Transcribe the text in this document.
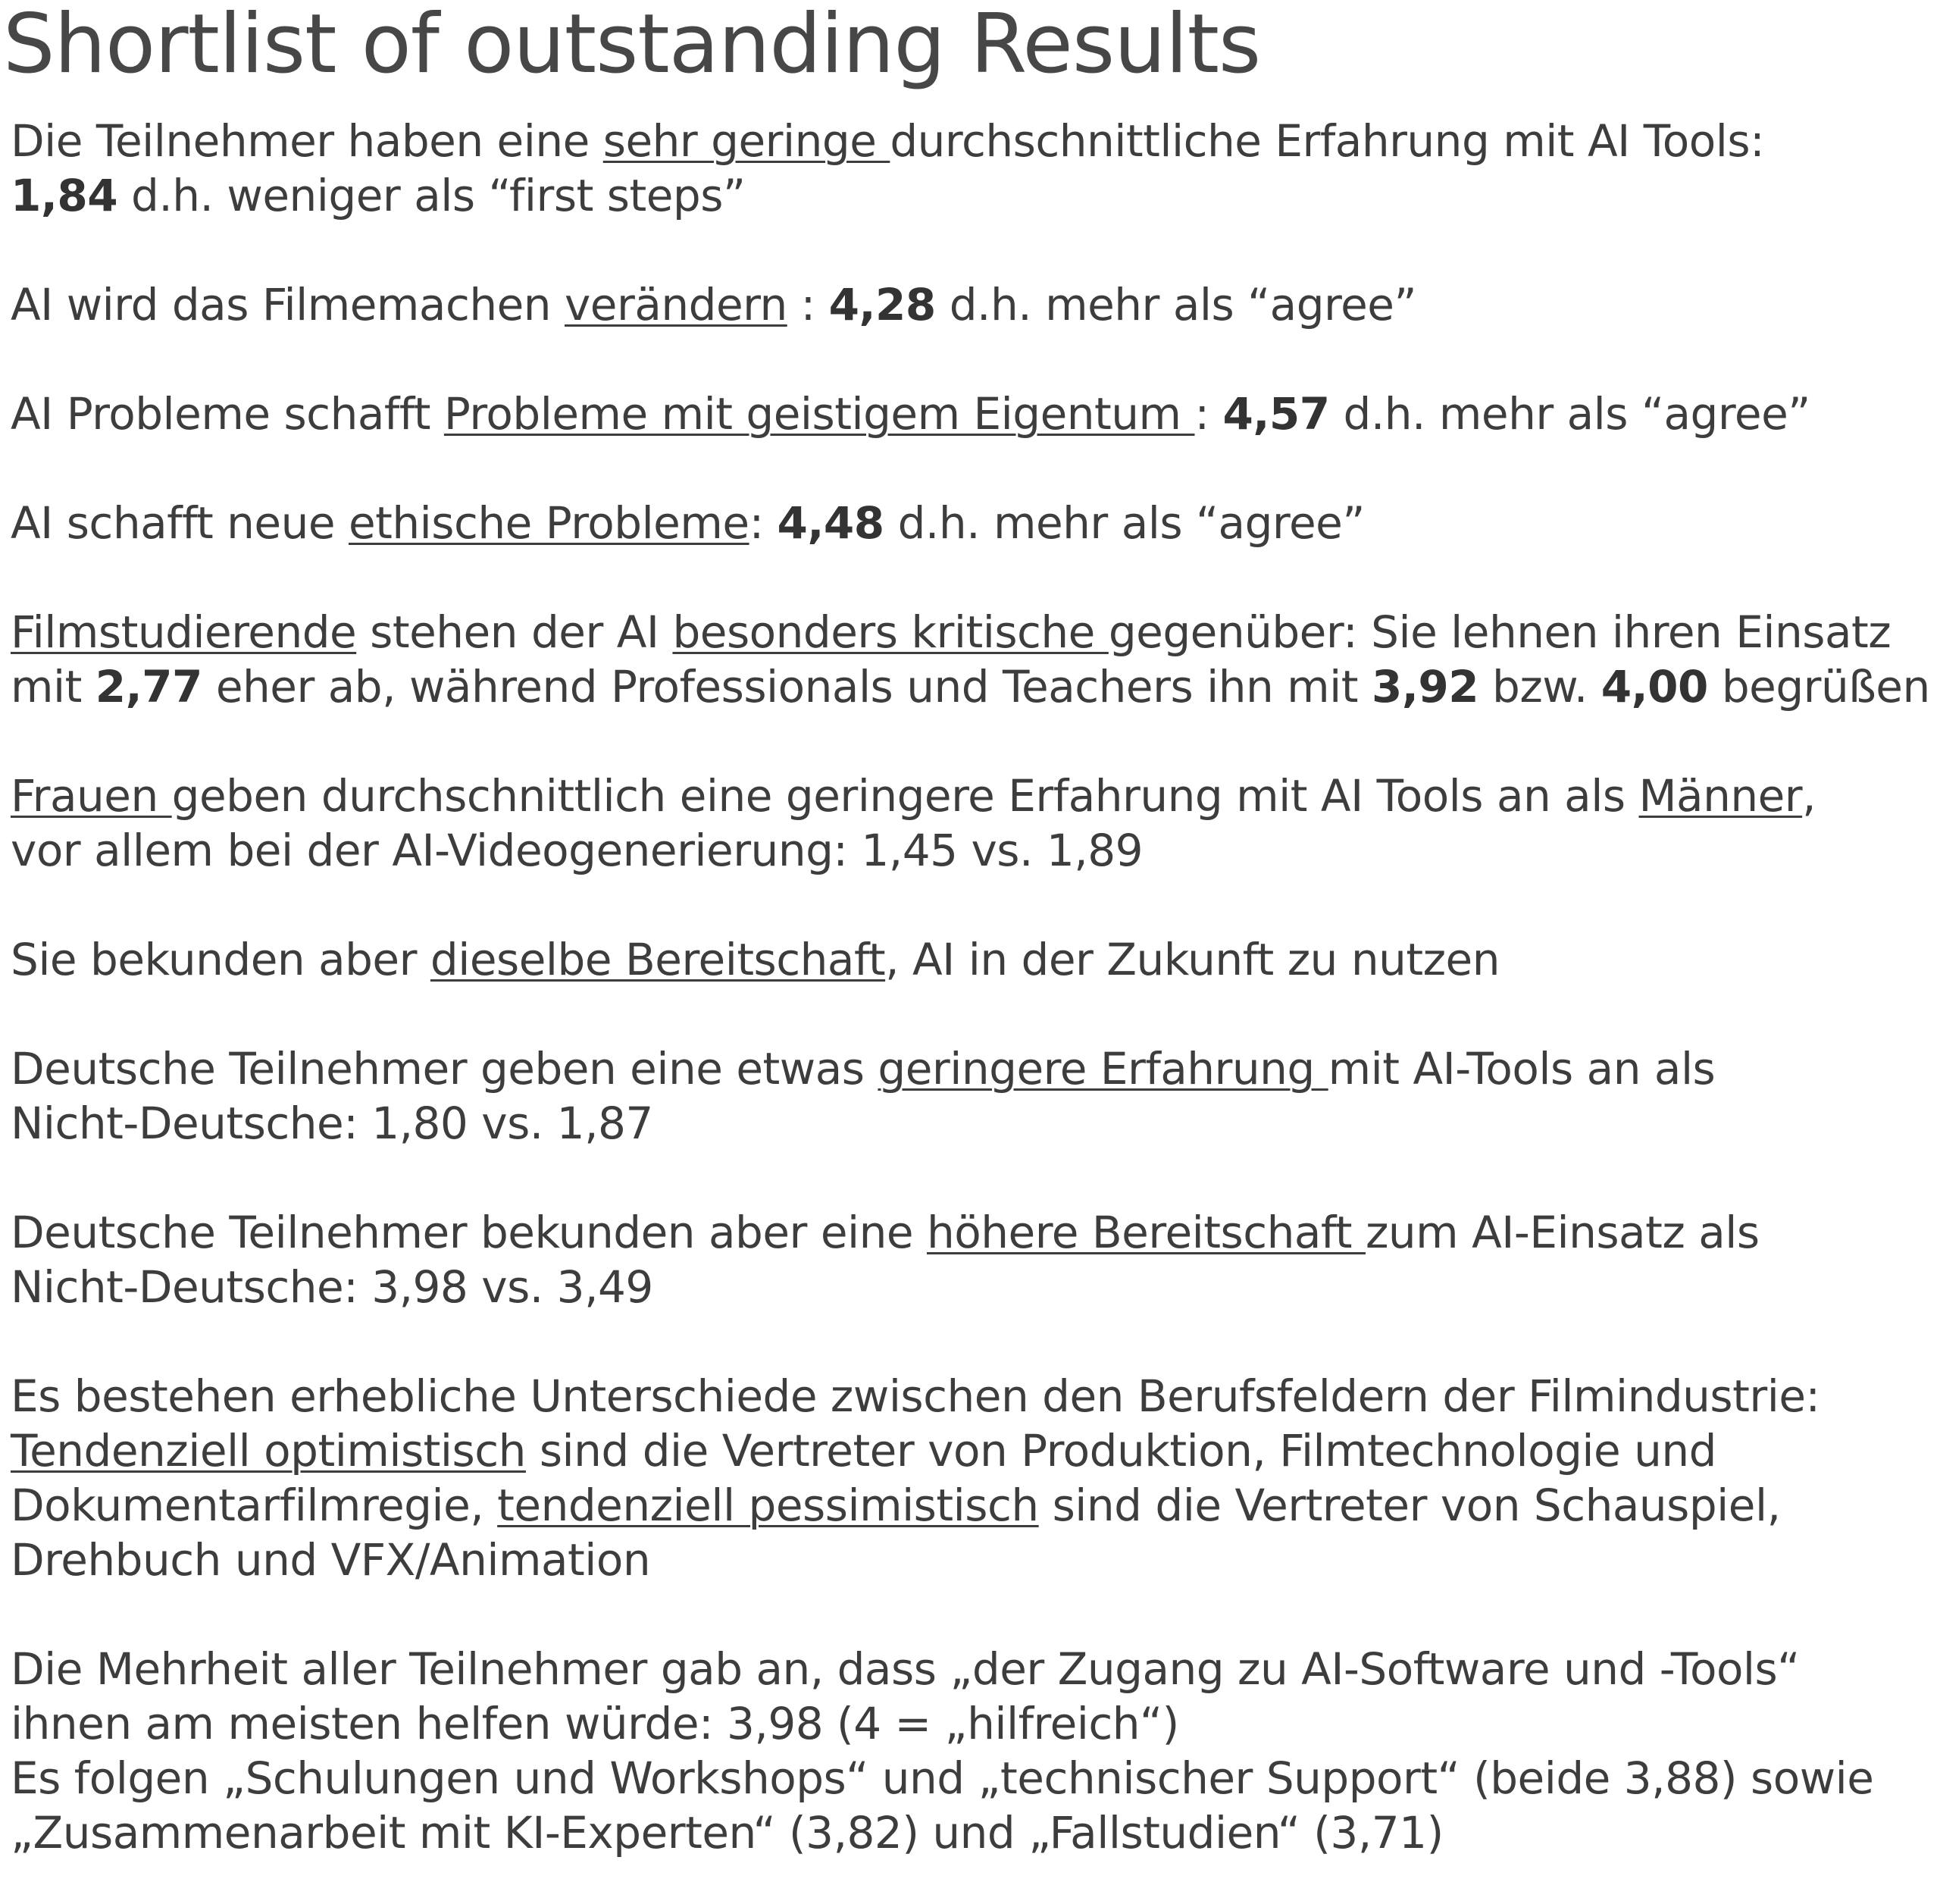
Shortlist of outstanding Results

Die Teilnehmer haben eine sehr geringe durchschnittliche Erfahrung mit AI Tools:
1,84 d.h. weniger als “first steps”

AI wird das Filmemachen verändern : 4,28 d.h. mehr als “agree”

AI Probleme schafft Probleme mit geistigem Eigentum : 4,57 d.h. mehr als “agree”

AI schafft neue ethische Probleme: 4,48 d.h. mehr als “agree”

Filmstudierende stehen der AI besonders kritische gegenüber: Sie lehnen ihren Einsatz
mit 2,77 eher ab, während Professionals und Teachers ihn mit 3,92 bzw. 4,00 begrüßen

Frauen geben durchschnittlich eine geringere Erfahrung mit AI Tools an als Männer,
vor allem bei der AI-Videogenerierung: 1,45 vs. 1,89

Sie bekunden aber dieselbe Bereitschaft, AI in der Zukunft zu nutzen

Deutsche Teilnehmer geben eine etwas geringere Erfahrung mit AI-Tools an als
Nicht-Deutsche: 1,80 vs. 1,87

Deutsche Teilnehmer bekunden aber eine höhere Bereitschaft zum AI-Einsatz als
Nicht-Deutsche: 3,98 vs. 3,49

Es bestehen erhebliche Unterschiede zwischen den Berufsfeldern der Filmindustrie:
Tendenziell optimistisch sind die Vertreter von Produktion, Filmtechnologie und
Dokumentarfilmregie, tendenziell pessimistisch sind die Vertreter von Schauspiel,
Drehbuch und VFX/Animation

Die Mehrheit aller Teilnehmer gab an, dass „der Zugang zu AI-Software und -Tools“
ihnen am meisten helfen würde: 3,98 (4 = „hilfreich“)
Es folgen „Schulungen und Workshops“ und „technischer Support“ (beide 3,88) sowie
„Zusammenarbeit mit KI-Experten“ (3,82) und „Fallstudien“ (3,71)
